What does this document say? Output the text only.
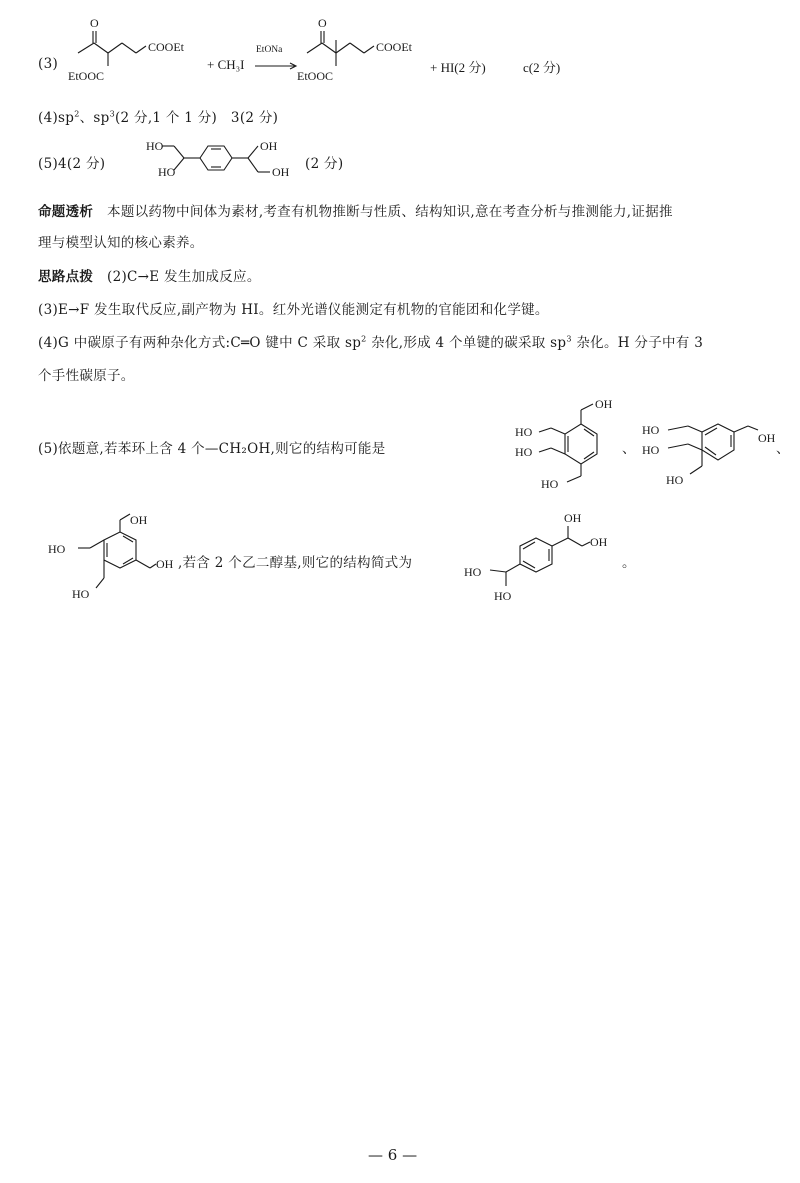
(3)
O
COOEt
EtOOC
+ CH₃I
EtONa
O
COOEt
EtOOC
+ HI(2 分)	c(2 分)
$(4)sp^2$、$sp^3(2$ 分,1 个 1 分)　3(2 分)
(5)4(2 分)
HO
HO
OH
OH (2 分)
命题透析　 本题以药物中间体为素材,考查有机物推断与性质、结构知识,意在考查分析与推测能力,证据推
理与模型认知的核心素养。
思路点拨　 (2)C→E 发生加成反应。
(3)E→F 发生取代反应,副产物为 HI。红外光谱仪能测定有机物的官能团和化学键。
(4)G 中碳原子有两种杂化方式:C═O 键中 C 采取 $sp^2$ 杂化,形成 4 个单键的碳采取 $sp^3$ 杂化。H 分子中有 3
个手性碳原子。
(5)依题意,若苯环上含 4 个—CH₂OH,则它的结构可能是
OH
HO
HO
HO
、
OH
HO
HO
HO
、
OH
HO
OH
HO
,若含 2 个乙二醇基,则它的结构简式为
OH
OH
HO
HO
。
— 6 —
